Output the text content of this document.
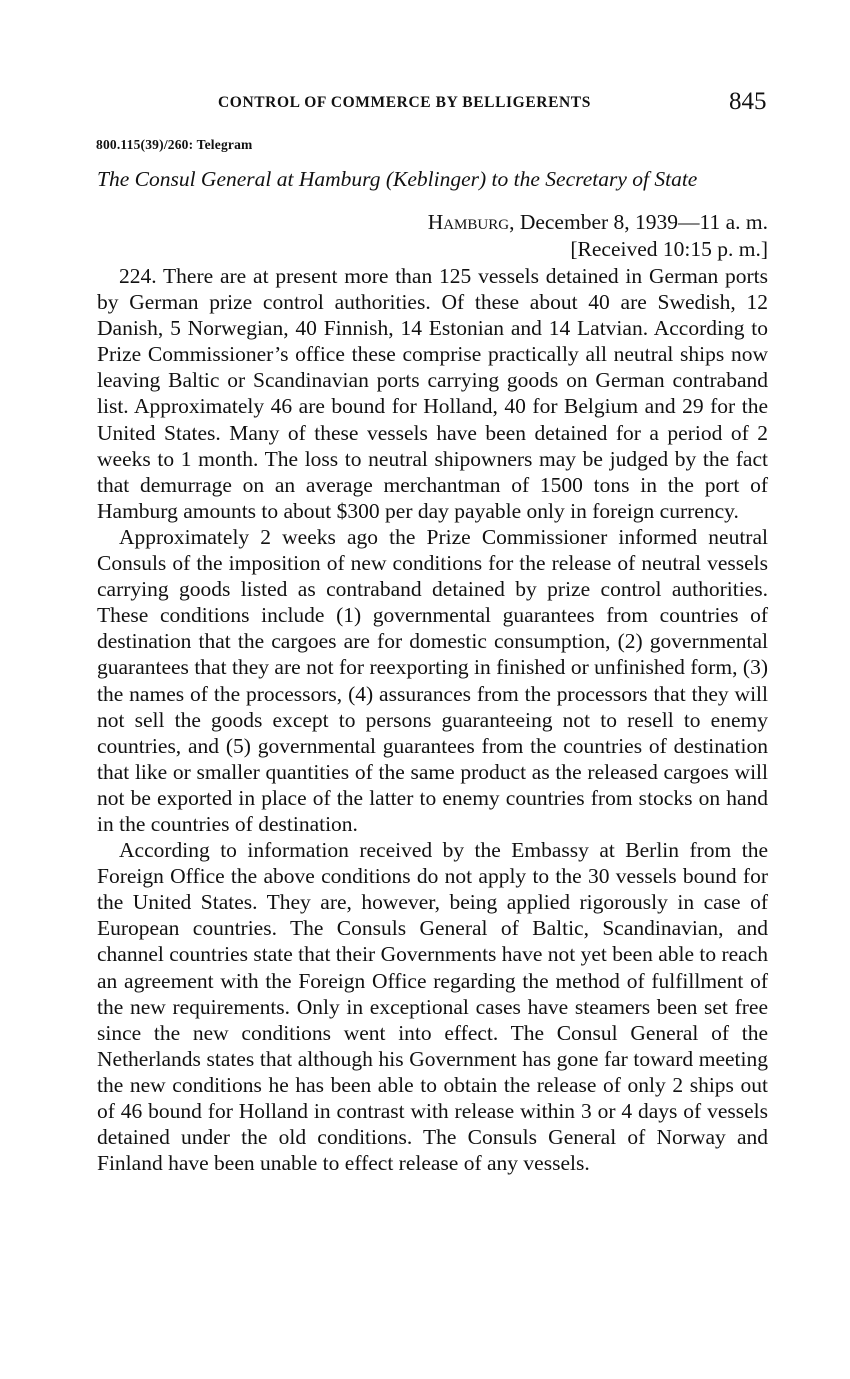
CONTROL OF COMMERCE BY BELLIGERENTS	845
800.115(39)/260: Telegram
The Consul General at Hamburg (Keblinger) to the Secretary of State
Hamburg, December 8, 1939—11 a. m.
[Received 10:15 p. m.]

224. There are at present more than 125 vessels detained in German ports by German prize control authorities. Of these about 40 are Swedish, 12 Danish, 5 Norwegian, 40 Finnish, 14 Estonian and 14 Latvian. According to Prize Commissioner’s office these comprise practically all neutral ships now leaving Baltic or Scandinavian ports carrying goods on German contraband list. Approximately 46 are bound for Holland, 40 for Belgium and 29 for the United States. Many of these vessels have been detained for a period of 2 weeks to 1 month. The loss to neutral shipowners may be judged by the fact that demurrage on an average merchantman of 1500 tons in the port of Hamburg amounts to about $300 per day payable only in foreign currency.

Approximately 2 weeks ago the Prize Commissioner informed neutral Consuls of the imposition of new conditions for the release of neutral vessels carrying goods listed as contraband detained by prize control authorities. These conditions include (1) governmental guarantees from countries of destination that the cargoes are for domestic consumption, (2) governmental guarantees that they are not for reexporting in finished or unfinished form, (3) the names of the processors, (4) assurances from the processors that they will not sell the goods except to persons guaranteeing not to resell to enemy countries, and (5) governmental guarantees from the countries of destination that like or smaller quantities of the same product as the released cargoes will not be exported in place of the latter to enemy countries from stocks on hand in the countries of destination.

According to information received by the Embassy at Berlin from the Foreign Office the above conditions do not apply to the 30 vessels bound for the United States. They are, however, being applied rigorously in case of European countries. The Consuls General of Baltic, Scandinavian, and channel countries state that their Governments have not yet been able to reach an agreement with the Foreign Office regarding the method of fulfillment of the new requirements. Only in exceptional cases have steamers been set free since the new conditions went into effect. The Consul General of the Netherlands states that although his Government has gone far toward meeting the new conditions he has been able to obtain the release of only 2 ships out of 46 bound for Holland in contrast with release within 3 or 4 days of vessels detained under the old conditions. The Consuls General of Norway and Finland have been unable to effect release of any vessels.
